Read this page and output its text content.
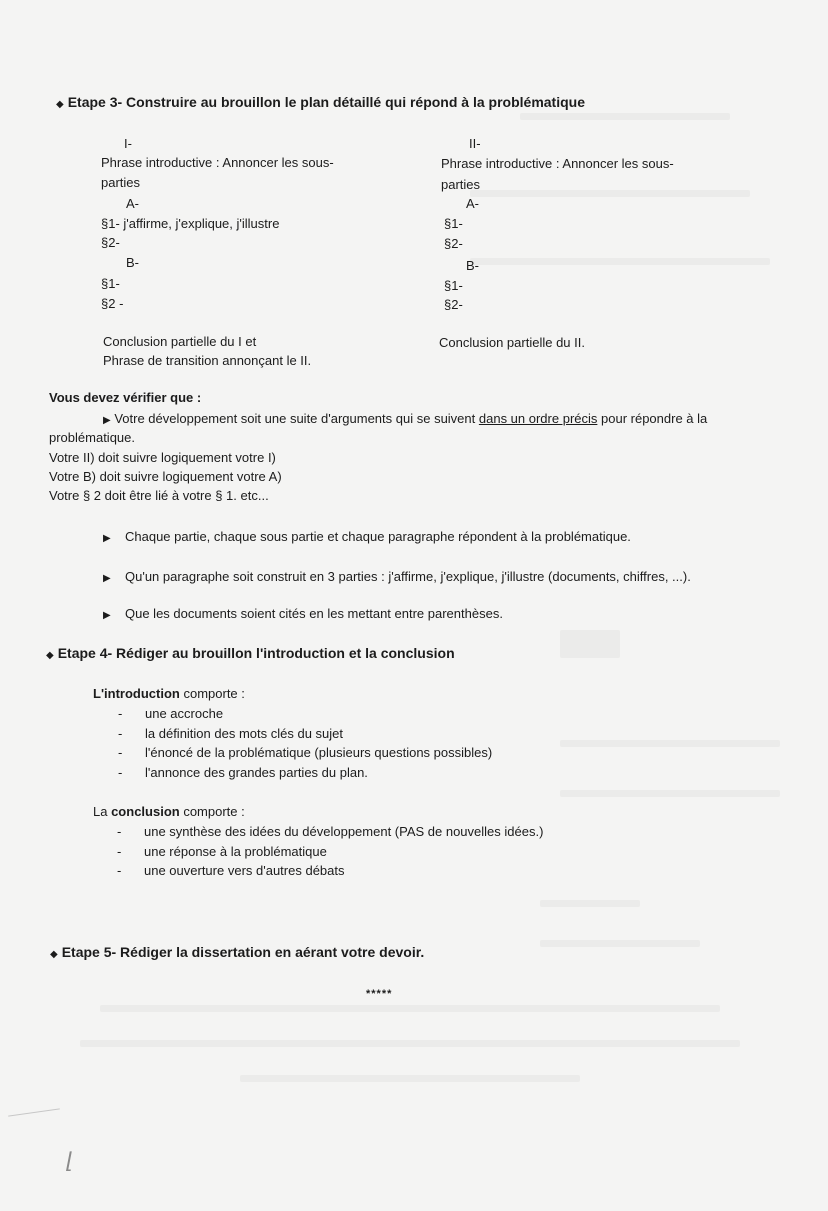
◆ Etape 3- Construire au brouillon le plan détaillé qui répond à la problématique
I-
Phrase introductive : Annoncer les sous-
parties
A-
§1- j'affirme, j'explique, j'illustre
§2-
B-
§1-
§2 -
Conclusion partielle du I et
Phrase de transition annonçant le II.
II-
Phrase introductive : Annoncer les sous-
parties
A-
§1-
§2-
B-
§1-
§2-
Conclusion partielle du II.
Vous devez vérifier que :
▶ Votre développement soit une suite d'arguments qui se suivent dans un ordre précis pour répondre à la
problématique.
Votre II) doit suivre logiquement votre I)
Votre B) doit suivre logiquement votre A)
Votre § 2 doit être lié à votre § 1. etc...
▶ Chaque partie, chaque sous partie et chaque paragraphe répondent à la problématique.
▶ Qu'un paragraphe soit construit en 3 parties : j'affirme, j'explique, j'illustre (documents, chiffres, ...).
▶ Que les documents soient cités en les mettant entre parenthèses.
◆ Etape 4- Rédiger au brouillon l'introduction et la conclusion
L'introduction comporte :
- une accroche
- la définition des mots clés du sujet
- l'énoncé de la problématique (plusieurs questions possibles)
- l'annonce des grandes parties du plan.
La conclusion comporte :
- une synthèse des idées du développement (PAS de nouvelles idées.)
- une réponse à la problématique
- une ouverture vers d'autres débats
◆ Etape 5- Rédiger la dissertation en aérant votre devoir.
*****
⌊
